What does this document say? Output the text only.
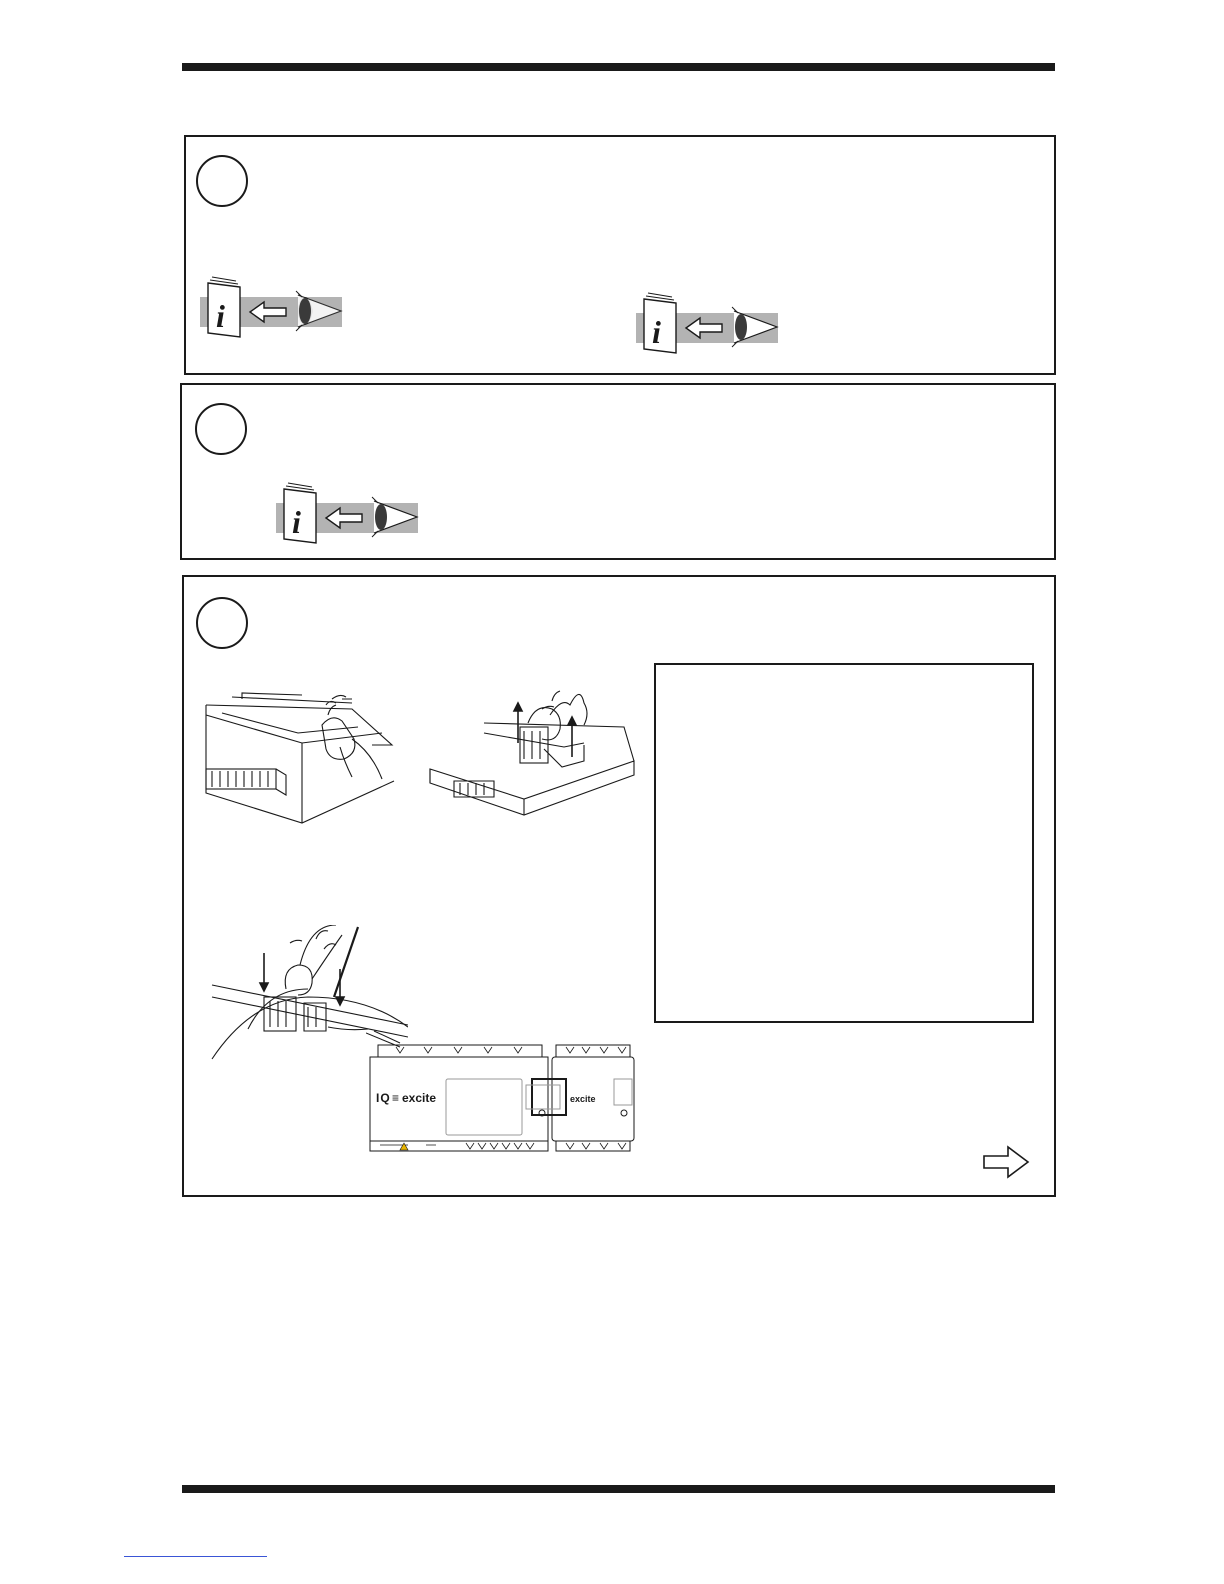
i	i
i
IQ ≡ excite	excite
